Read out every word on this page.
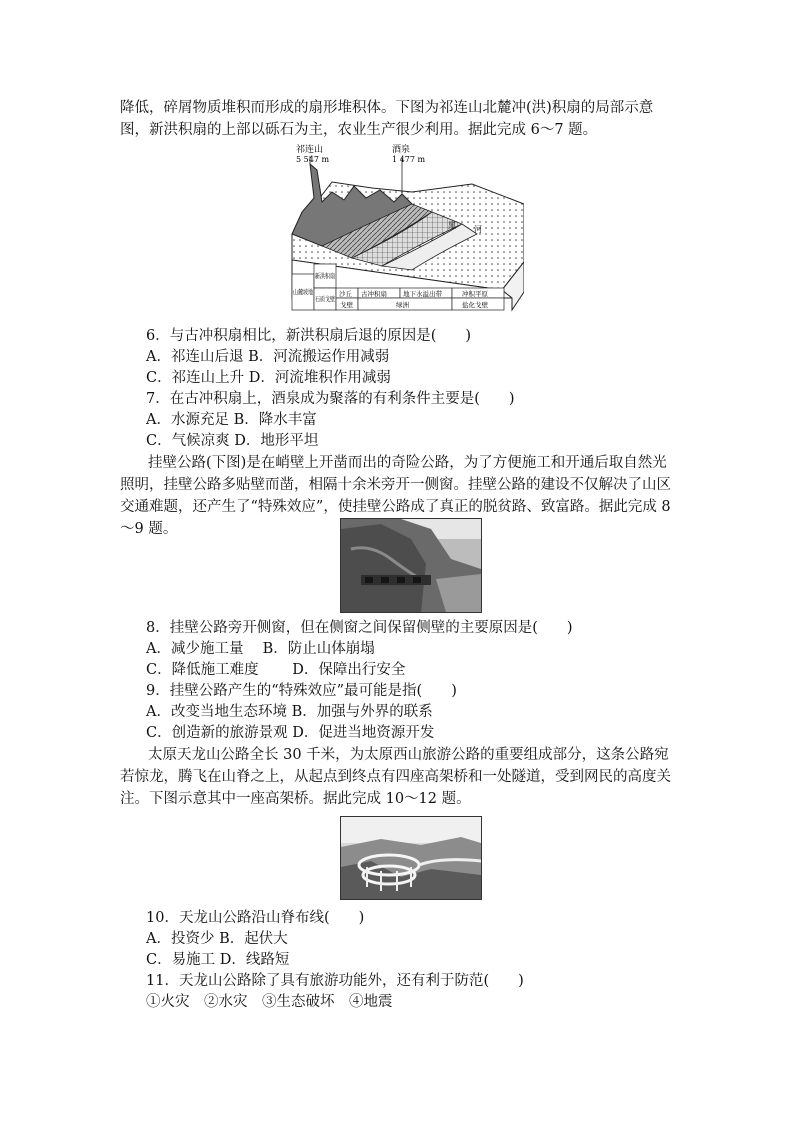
降低，碎屑物质堆积而形成的扇形堆积体。下图为祁连山北麓冲(洪)积扇的局部示意图，新洪积扇的上部以砾石为主，农业生产很少利用。据此完成 6～7 题。

祁连山
5 547 m
酒泉
1 477 m
黑 河
山麓坡地
新洪积扇
石质戈壁
沙丘 古冲积扇 地下水溢出带	冲积平原
戈壁	绿洲	盐化戈壁

6．与古冲积扇相比，新洪积扇后退的原因是(　　)

A．祁连山后退 B．河流搬运作用减弱

C．祁连山上升 D．河流堆积作用减弱

7．在古冲积扇上，酒泉成为聚落的有利条件主要是(　　)

A．水源充足 B．降水丰富

C．气候凉爽 D．地形平坦

挂壁公路(下图)是在峭壁上开凿而出的奇险公路，为了方便施工和开通后取自然光照明，挂壁公路多贴壁而凿，相隔十余米旁开一侧窗。挂壁公路的建设不仅解决了山区交通难题，还产生了“特殊效应”，使挂壁公路成了真正的脱贫路、致富路。据此完成 8～9 题。

8．挂壁公路旁开侧窗，但在侧窗之间保留侧壁的主要原因是(　　)

A．减少施工量　 B．防止山体崩塌

C．降低施工难度　　 D．保障出行安全

9．挂壁公路产生的“特殊效应”最可能是指(　　)

A．改变当地生态环境 B．加强与外界的联系

C．创造新的旅游景观 D．促进当地资源开发

太原天龙山公路全长 30 千米，为太原西山旅游公路的重要组成部分，这条公路宛若惊龙，腾飞在山脊之上，从起点到终点有四座高架桥和一处隧道，受到网民的高度关注。下图示意其中一座高架桥。据此完成 10～12 题。

10．天龙山公路沿山脊布线(　　)

A．投资少 B．起伏大

C．易施工 D．线路短

11．天龙山公路除了具有旅游功能外，还有利于防范(　　)

①火灾　②水灾　③生态破坏　④地震
